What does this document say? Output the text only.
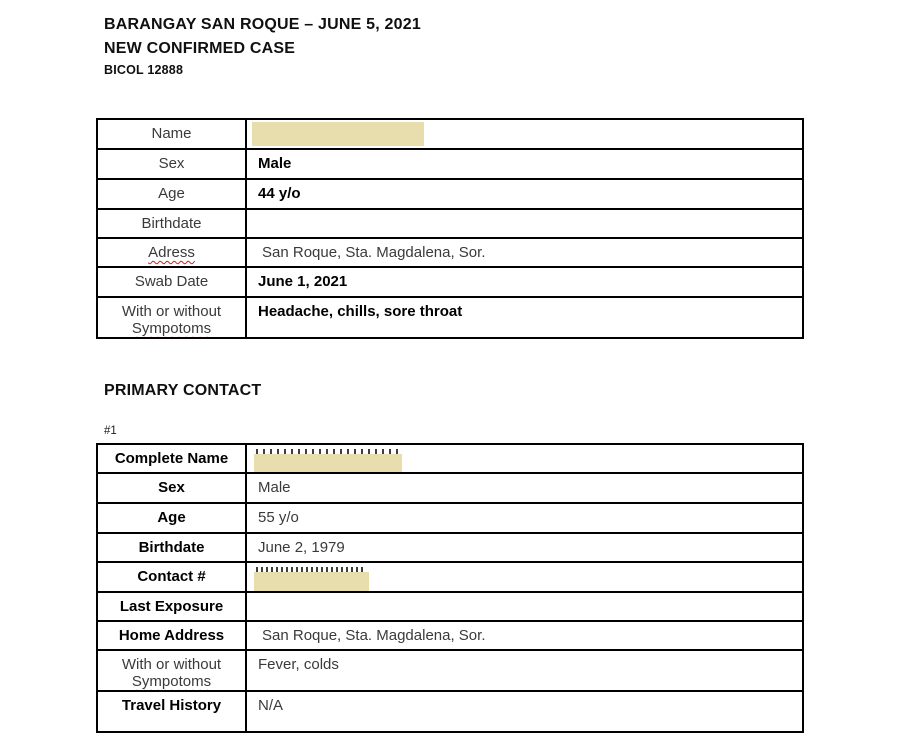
BARANGAY SAN ROQUE – JUNE 5, 2021
NEW CONFIRMED CASE
BICOL 12888
Name	

Sex	Male
Age	44 y/o
Birthdate	
Adress	San Roque, Sta. Magdalena, Sor.
Swab Date	June 1, 2021

With or without
Sympotoms	Headache, chills, sore throat
PRIMARY CONTACT
#1
Complete Name	

Sex	Male
Age	55 y/o
Birthdate	June 2, 1979
Contact #	

Last Exposure	
Home Address	San Roque, Sta. Magdalena, Sor.

With or without
Sympotoms	Fever, colds
Travel History	N/A
